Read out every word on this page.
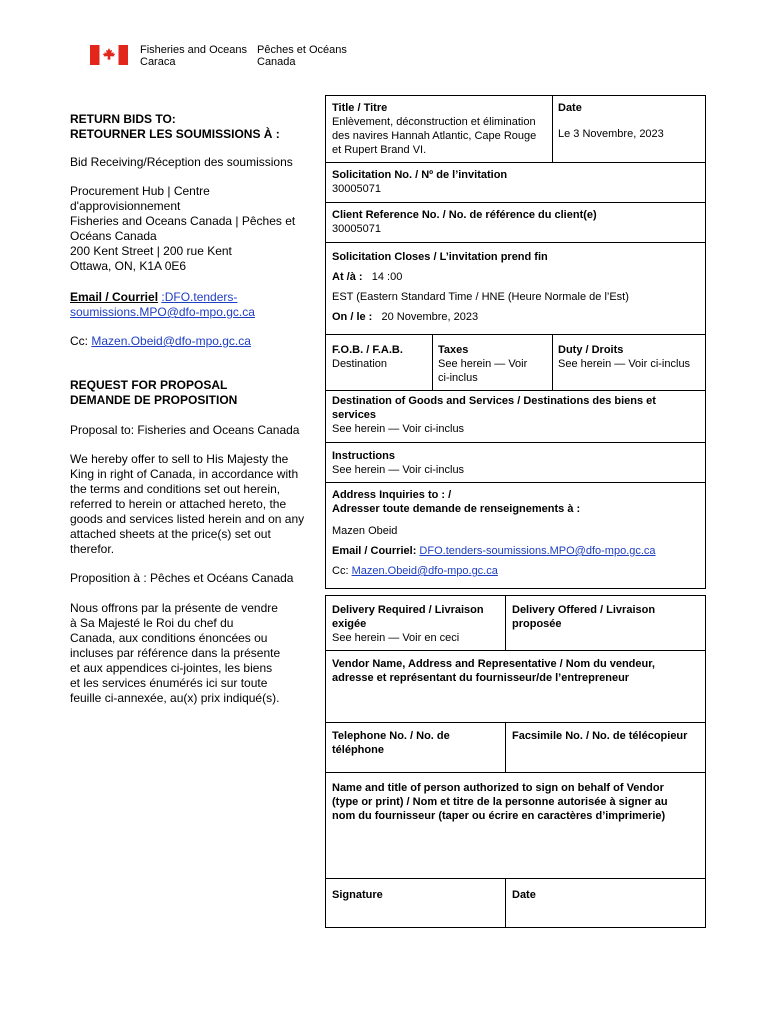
Fisheries and Oceans
Caraca
Pêches et Océans
Canada
RETURN BIDS TO:
RETOURNER LES SOUMISSIONS À :
Bid Receiving/Réception des soumissions
Procurement Hub | Centre
d'approvisionnement
Fisheries and Oceans Canada | Pêches et
Océans Canada
200 Kent Street | 200 rue Kent
Ottawa, ON, K1A 0E6
Email / Courriel :DFO.tenders-
soumissions.MPO@dfo-mpo.gc.ca
Cc: Mazen.Obeid@dfo-mpo.gc.ca
REQUEST FOR PROPOSAL
DEMANDE DE PROPOSITION
Proposal to: Fisheries and Oceans Canada
We hereby offer to sell to His Majesty the
King in right of Canada, in accordance with
the terms and conditions set out herein,
referred to herein or attached hereto, the
goods and services listed herein and on any
attached sheets at the price(s) set out
therefor.
Proposition à : Pêches et Océans Canada
Nous offrons par la présente de vendre
à Sa Majesté le Roi du chef du
Canada, aux conditions énoncées ou
incluses par référence dans la présente
et aux appendices ci-jointes, les biens
et les services énumérés ici sur toute
feuille ci-annexée, au(x) prix indiqué(s).
Title / Titre
Enlèvement, déconstruction et élimination
des navires Hannah Atlantic, Cape Rouge
et Rupert Brand VI.
Date
Le 3 Novembre, 2023
Solicitation No. / Nº de l’invitation
30005071
Client Reference No. / No. de référence du client(e)
30005071
Solicitation Closes / L’invitation prend fin
At /à : 14 :00
EST (Eastern Standard Time / HNE (Heure Normale de l’Est)
On / le : 20 Novembre, 2023
F.O.B. / F.A.B.
Destination
Taxes
See herein — Voir
ci-inclus
Duty / Droits
See herein — Voir ci-inclus
Destination of Goods and Services / Destinations des biens et
services
See herein — Voir ci-inclus
Instructions
See herein — Voir ci-inclus
Address Inquiries to : /
Adresser toute demande de renseignements à :
Mazen Obeid
Email / Courriel: DFO.tenders-soumissions.MPO@dfo-mpo.gc.ca
Cc: Mazen.Obeid@dfo-mpo.gc.ca
Delivery Required / Livraison
exigée
See herein — Voir en ceci
Delivery Offered / Livraison
proposée
Vendor Name, Address and Representative / Nom du vendeur,
adresse et représentant du fournisseur/de l’entrepreneur
Telephone No. / No. de
téléphone
Facsimile No. / No. de télécopieur
Name and title of person authorized to sign on behalf of Vendor
(type or print) / Nom et titre de la personne autorisée à signer au
nom du fournisseur (taper ou écrire en caractères d’imprimerie)
Signature	Date
